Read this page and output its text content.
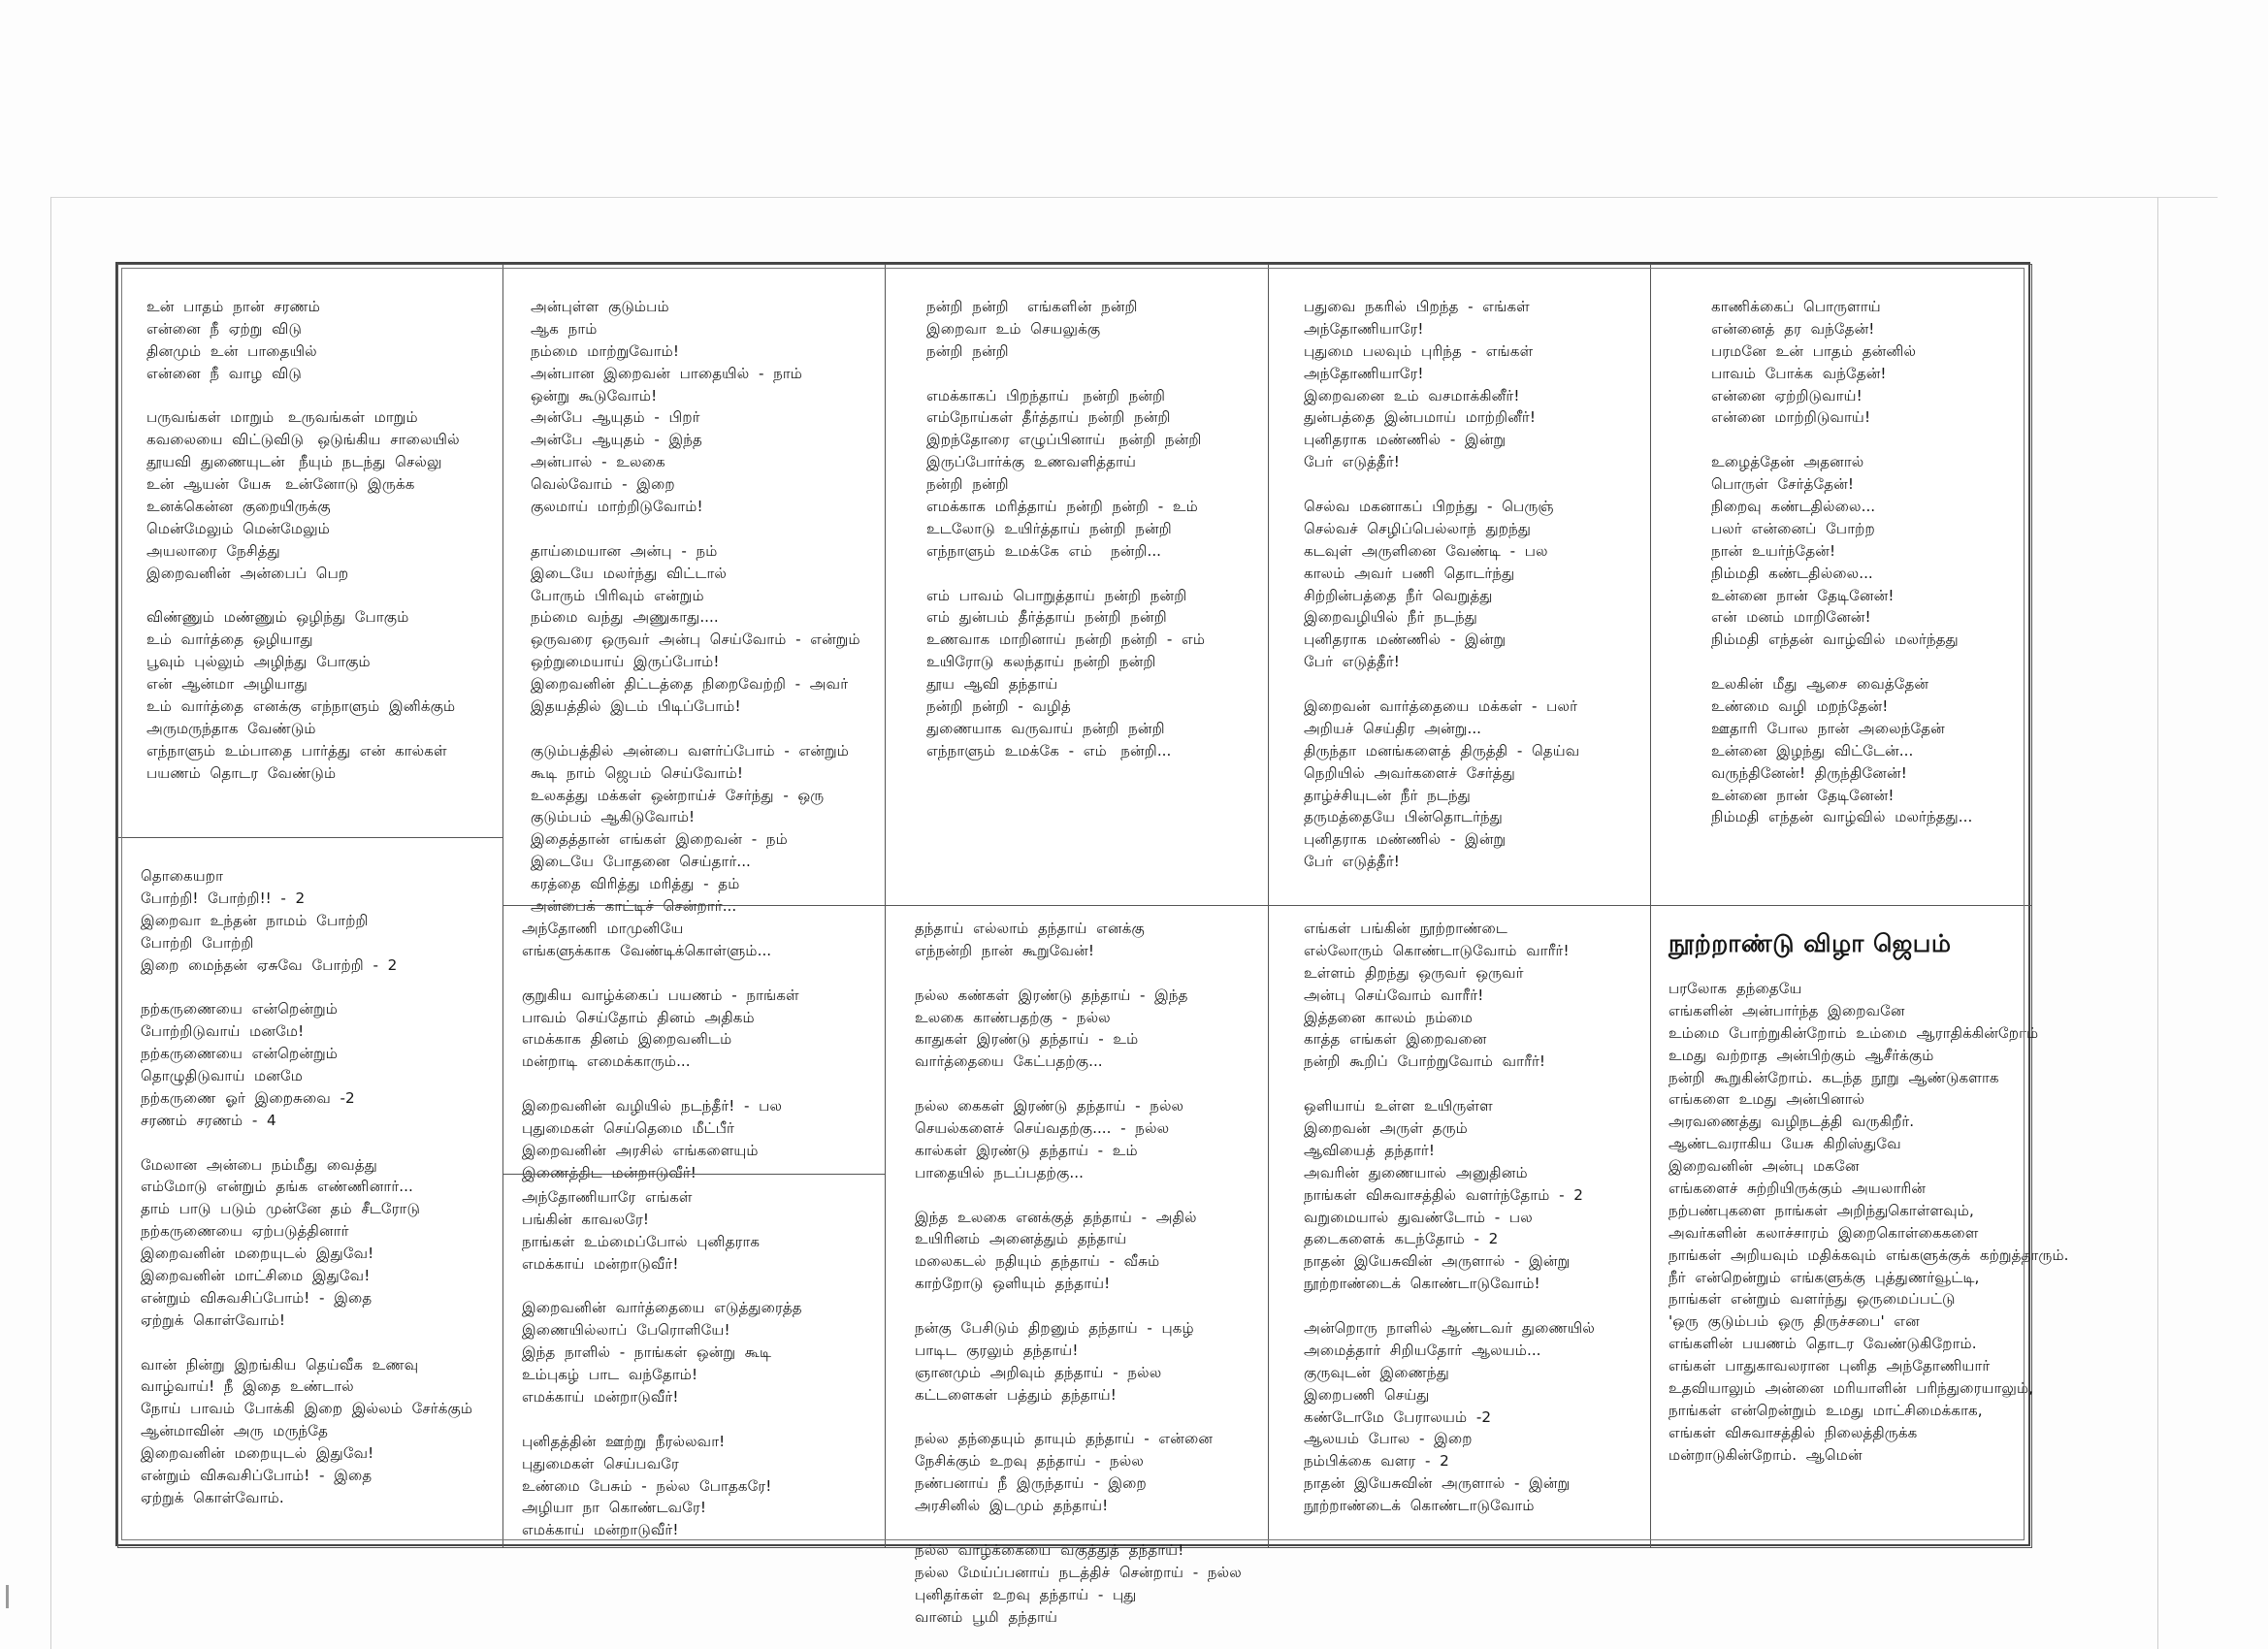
உன்  பாதம்  நான்  சரணம்
என்னை  நீ  ஏற்று  விடு
தினமும்  உன்  பாதையில்
என்னை  நீ  வாழ  விடு
பருவங்கள்  மாறும்   உருவங்கள்  மாறும்
கவலையை  விட்டுவிடு   ஒடுங்கிய  சாலையில்
தூயவி  துணையுடன்   நீயும்  நடந்து  செல்லு
உன்  ஆயன்  யேசு   உன்னோடு  இருக்க
உனக்கென்ன  குறையிருக்கு
மென்மேலும்  மென்மேலும்
அயலாரை  நேசித்து
இறைவனின்  அன்பைப்  பெற
விண்ணும்  மண்ணும்  ஒழிந்து  போகும்
உம்  வார்த்தை  ஒழியாது
பூவும்  புல்லும்  அழிந்து  போகும்
என்  ஆன்மா  அழியாது
உம்  வார்த்தை  எனக்கு  எந்நாளும்  இனிக்கும்
அருமருந்தாக  வேண்டும்
எந்நாளும்  உம்பாதை  பார்த்து  என்  கால்கள்
பயணம்  தொடர  வேண்டும்
அன்புள்ள  குடும்பம்
ஆக  நாம்
நம்மை  மாற்றுவோம்!
அன்பான  இறைவன்  பாதையில்  -  நாம்
ஒன்று  கூடுவோம்!
அன்பே  ஆயுதம்  -  பிறர்
அன்பே  ஆயுதம்  -  இந்த
அன்பால்  -  உலகை
வெல்வோம்  -  இறை
குலமாய்  மாற்றிடுவோம்!
தாய்மையான  அன்பு  -  நம்
இடையே  மலர்ந்து  விட்டால்
போரும்  பிரிவும்  என்றும்
நம்மை  வந்து  அணுகாது....
ஒருவரை  ஒருவர்  அன்பு  செய்வோம்  -  என்றும்
ஒற்றுமையாய்  இருப்போம்!
இறைவனின்  திட்டத்தை  நிறைவேற்றி  -  அவர்
இதயத்தில்  இடம்  பிடிப்போம்!
குடும்பத்தில்  அன்பை  வளர்ப்போம்  -  என்றும்
கூடி  நாம்  ஜெபம்  செய்வோம்!
உலகத்து  மக்கள்  ஒன்றாய்ச்  சேர்ந்து  -  ஒரு
குடும்பம்  ஆகிடுவோம்!
இதைத்தான்  எங்கள்  இறைவன்  -  நம்
இடையே  போதனை  செய்தார்...
கரத்தை  விரித்து  மரித்து  -  தம்
அன்பைக்  காட்டிச்  சென்றார்...
நன்றி  நன்றி    எங்களின்  நன்றி
இறைவா  உம்  செயலுக்கு
நன்றி  நன்றி
எமக்காகப்  பிறந்தாய்   நன்றி  நன்றி
எம்நோய்கள்  தீர்த்தாய்  நன்றி  நன்றி
இறந்தோரை  எழுப்பினாய்   நன்றி  நன்றி
இருப்போர்க்கு  உணவளித்தாய்
நன்றி  நன்றி
எமக்காக  மரித்தாய்  நன்றி  நன்றி  -  உம்
உடலோடு  உயிர்த்தாய்  நன்றி  நன்றி
எந்நாளும்  உமக்கே  எம்    நன்றி...
எம்  பாவம்  பொறுத்தாய்  நன்றி  நன்றி
எம்  துன்பம்  தீர்த்தாய்  நன்றி  நன்றி
உணவாக  மாறினாய்  நன்றி  நன்றி  -  எம்
உயிரோடு  கலந்தாய்  நன்றி  நன்றி
தூய  ஆவி  தந்தாய்
நன்றி  நன்றி  -  வழித்
துணையாக  வருவாய்  நன்றி  நன்றி
எந்நாளும்  உமக்கே  -  எம்   நன்றி...
பதுவை  நகரில்  பிறந்த  -  எங்கள்
அந்தோணியாரே!
புதுமை  பலவும்  புரிந்த  -  எங்கள்
அந்தோணியாரே!
இறைவனை  உம்  வசமாக்கினீர்!
துன்பத்தை  இன்பமாய்  மாற்றினீர்!
புனிதராக  மண்ணில்  -  இன்று
பேர்  எடுத்தீர்!
செல்வ  மகனாகப்  பிறந்து  -  பெருஞ்
செல்வச்  செழிப்பெல்லாந்  துறந்து
கடவுள்  அருளினை  வேண்டி  -  பல
காலம்  அவர்  பணி  தொடர்ந்து
சிற்றின்பத்தை  நீர்  வெறுத்து
இறைவழியில்  நீர்  நடந்து
புனிதராக  மண்ணில்  -  இன்று
பேர்  எடுத்தீர்!
இறைவன்  வார்த்தையை  மக்கள்  -  பலர்
அறியச்  செய்திர  அன்று...
திருந்தா  மனங்களைத்  திருத்தி  -  தெய்வ
நெறியில்  அவர்களைச்  சேர்த்து
தாழ்ச்சியுடன்  நீர்  நடந்து
தருமத்தையே  பின்தொடர்ந்து
புனிதராக  மண்ணில்  -  இன்று
பேர்  எடுத்தீர்!
காணிக்கைப்  பொருளாய்
என்னைத்  தர  வந்தேன்!
பரமனே  உன்  பாதம்  தன்னில்
பாவம்  போக்க  வந்தேன்!
என்னை  ஏற்றிடுவாய்!
என்னை  மாற்றிடுவாய்!
உழைத்தேன்  அதனால்
பொருள்  சேர்த்தேன்!
நிறைவு  கண்டதில்லை...
பலர்  என்னைப்  போற்ற
நான்  உயர்ந்தேன்!
நிம்மதி  கண்டதில்லை...
உன்னை  நான்  தேடினேன்!
என்  மனம்  மாறினேன்!
நிம்மதி  எந்தன்  வாழ்வில்  மலர்ந்தது
உலகின்  மீது  ஆசை  வைத்தேன்
உண்மை  வழி  மறந்தேன்!
ஊதாரி  போல  நான்  அலைந்தேன்
உன்னை  இழந்து  விட்டேன்...
வருந்தினேன்!  திருந்தினேன்!
உன்னை  நான்  தேடினேன்!
நிம்மதி  எந்தன்  வாழ்வில்  மலர்ந்தது...
தொகையறா
போற்றி!  போற்றி!!  -  2
இறைவா  உந்தன்  நாமம்  போற்றி
போற்றி  போற்றி
இறை  மைந்தன்  ஏசுவே  போற்றி  -  2
நற்கருணையை  என்றென்றும்
போற்றிடுவாய்  மனமே!
நற்கருணையை  என்றென்றும்
தொழுதிடுவாய்  மனமே
நற்கருணை  ஓர்  இறைசுவை  -2
சரணம்  சரணம்  -  4
மேலான  அன்பை  நம்மீது  வைத்து
எம்மோடு  என்றும்  தங்க  எண்ணினார்...
தாம்  பாடு  படும்  முன்னே  தம்  சீடரோடு
நற்கருணையை  ஏற்படுத்தினார்
இறைவனின்  மறையுடல்  இதுவே!
இறைவனின்  மாட்சிமை  இதுவே!
என்றும்  விசுவசிப்போம்!  -  இதை
ஏற்றுக்  கொள்வோம்!
வான்  நின்று  இறங்கிய  தெய்வீக  உணவு
வாழ்வாய்!  நீ  இதை  உண்டால்
நோய்  பாவம்  போக்கி  இறை  இல்லம்  சேர்க்கும்
ஆன்மாவின்  அரு  மருந்தே
இறைவனின்  மறையுடல்  இதுவே!
என்றும்  விசுவசிப்போம்!  -  இதை
ஏற்றுக்  கொள்வோம்.
அந்தோணி  மாமுனியே
எங்களுக்காக  வேண்டிக்கொள்ளும்...
குறுகிய  வாழ்க்கைப்  பயணம்  -  நாங்கள்
பாவம்  செய்தோம்  தினம்  அதிகம்
எமக்காக  தினம்  இறைவனிடம்
மன்றாடி  எமைக்காரும்...
இறைவனின்  வழியில்  நடந்தீர்!  -  பல
புதுமைகள்  செய்தெமை  மீட்பீர்
இறைவனின்  அரசில்  எங்களையும்
இணைத்திட  மன்றாடுவீர்!
அந்தோணியாரே  எங்கள்
பங்கின்  காவலரே!
நாங்கள்  உம்மைப்போல்  புனிதராக
எமக்காய்  மன்றாடுவீர்!
இறைவனின்  வார்த்தையை  எடுத்துரைத்த
இணையில்லாப்  பேரொளியே!
இந்த  நாளில்  -  நாங்கள்  ஒன்று  கூடி
உம்புகழ்  பாட  வந்தோம்!
எமக்காய்  மன்றாடுவீர்!
புனிதத்தின்  ஊற்று  நீரல்லவா!
புதுமைகள்  செய்பவரே
உண்மை  பேசும்  -  நல்ல  போதகரே!
அழியா  நா  கொண்டவரே!
எமக்காய்  மன்றாடுவீர்!
தந்தாய்  எல்லாம்  தந்தாய்  எனக்கு
எந்நன்றி  நான்  கூறுவேன்!
நல்ல  கண்கள்  இரண்டு  தந்தாய்  -  இந்த
உலகை  காண்பதற்கு  -  நல்ல
காதுகள்  இரண்டு  தந்தாய்  -  உம்
வார்த்தையை  கேட்பதற்கு...
நல்ல  கைகள்  இரண்டு  தந்தாய்  -  நல்ல
செயல்களைச்  செய்வதற்கு....  -  நல்ல
கால்கள்  இரண்டு  தந்தாய்  -  உம்
பாதையில்  நடப்பதற்கு...
இந்த  உலகை  எனக்குத்  தந்தாய்  -  அதில்
உயிரினம்  அனைத்தும்  தந்தாய்
மலைகடல்  நதியும்  தந்தாய்  -  வீசும்
காற்றோடு  ஒளியும்  தந்தாய்!
நன்கு  பேசிடும்  திறனும்  தந்தாய்  -  புகழ்
பாடிட  குரலும்  தந்தாய்!
ஞானமும்  அறிவும்  தந்தாய்  -  நல்ல
கட்டளைகள்  பத்தும்  தந்தாய்!
நல்ல  தந்தையும்  தாயும்  தந்தாய்  -  என்னை
நேசிக்கும்  உறவு  தந்தாய்  -  நல்ல
நண்பனாய்  நீ  இருந்தாய்  -  இறை
அரசினில்  இடமும்  தந்தாய்!
நல்ல  வாழ்க்கையை  வகுத்துத்  தந்தாய்!
நல்ல  மேய்ப்பனாய்  நடத்திச்  சென்றாய்  -  நல்ல
புனிதர்கள்  உறவு  தந்தாய்  -  புது
வானம்  பூமி  தந்தாய்
எங்கள்  பங்கின்  நூற்றாண்டை
எல்லோரும்  கொண்டாடுவோம்  வாரீர்!
உள்ளம்  திறந்து  ஒருவர்  ஒருவர்
அன்பு  செய்வோம்  வாரீர்!
இத்தனை  காலம்  நம்மை
காத்த  எங்கள்  இறைவனை
நன்றி  கூறிப்  போற்றுவோம்  வாரீர்!
ஒளியாய்  உள்ள  உயிருள்ள
இறைவன்  அருள்  தரும்
ஆவியைத்  தந்தார்!
அவரின்  துணையால்  அனுதினம்
நாங்கள்  விசுவாசத்தில்  வளர்ந்தோம்  -  2
வறுமையால்  துவண்டோம்  -  பல
தடைகளைக்  கடந்தோம்  -  2
நாதன்  இயேசுவின்  அருளால்  -  இன்று
நூற்றாண்டைக்  கொண்டாடுவோம்!
அன்றொரு  நாளில்  ஆண்டவர்  துணையில்
அமைத்தார்  சிறியதோர்  ஆலயம்...
குருவுடன்  இணைந்து
இறைபணி  செய்து
கண்டோமே  பேராலயம்  -2
ஆலயம்  போல  -  இறை
நம்பிக்கை  வளர  -  2
நாதன்  இயேசுவின்  அருளால்  -  இன்று
நூற்றாண்டைக்  கொண்டாடுவோம்
நூற்றாண்டு விழா ஜெபம்
பரலோக  தந்தையே
எங்களின்  அன்பார்ந்த  இறைவனே
உம்மை  போற்றுகின்றோம்  உம்மை  ஆராதிக்கின்றோம்
உமது  வற்றாத  அன்பிற்கும்  ஆசீர்க்கும்
நன்றி  கூறுகின்றோம்.  கடந்த  நூறு  ஆண்டுகளாக
எங்களை  உமது  அன்பினால்
அரவணைத்து  வழிநடத்தி  வருகிறீர்.
ஆண்டவராகிய  யேசு  கிறிஸ்துவே
இறைவனின்  அன்பு  மகனே
எங்களைச்  சுற்றியிருக்கும்  அயலாரின்
நற்பண்புகளை  நாங்கள்  அறிந்துகொள்ளவும்,
அவர்களின்  கலாச்சாரம்  இறைகொள்கைகளை
நாங்கள்  அறியவும்  மதிக்கவும்  எங்களுக்குக்  கற்றுத்தாரும்.
நீர்  என்றென்றும்  எங்களுக்கு  புத்துணர்வூட்டி,
நாங்கள்  என்றும்  வளர்ந்து  ஒருமைப்பட்டு
'ஒரு  குடும்பம்  ஒரு  திருச்சபை'  என
எங்களின்  பயணம்  தொடர  வேண்டுகிறோம்.
எங்கள்  பாதுகாவலரான  புனித  அந்தோணியார்
உதவியாலும்  அன்னை  மரியாளின்  பரிந்துரையாலும்,
நாங்கள்  என்றென்றும்  உமது  மாட்சிமைக்காக,
எங்கள்  விசுவாசத்தில்  நிலைத்திருக்க
மன்றாடுகின்றோம்.  ஆமென்
